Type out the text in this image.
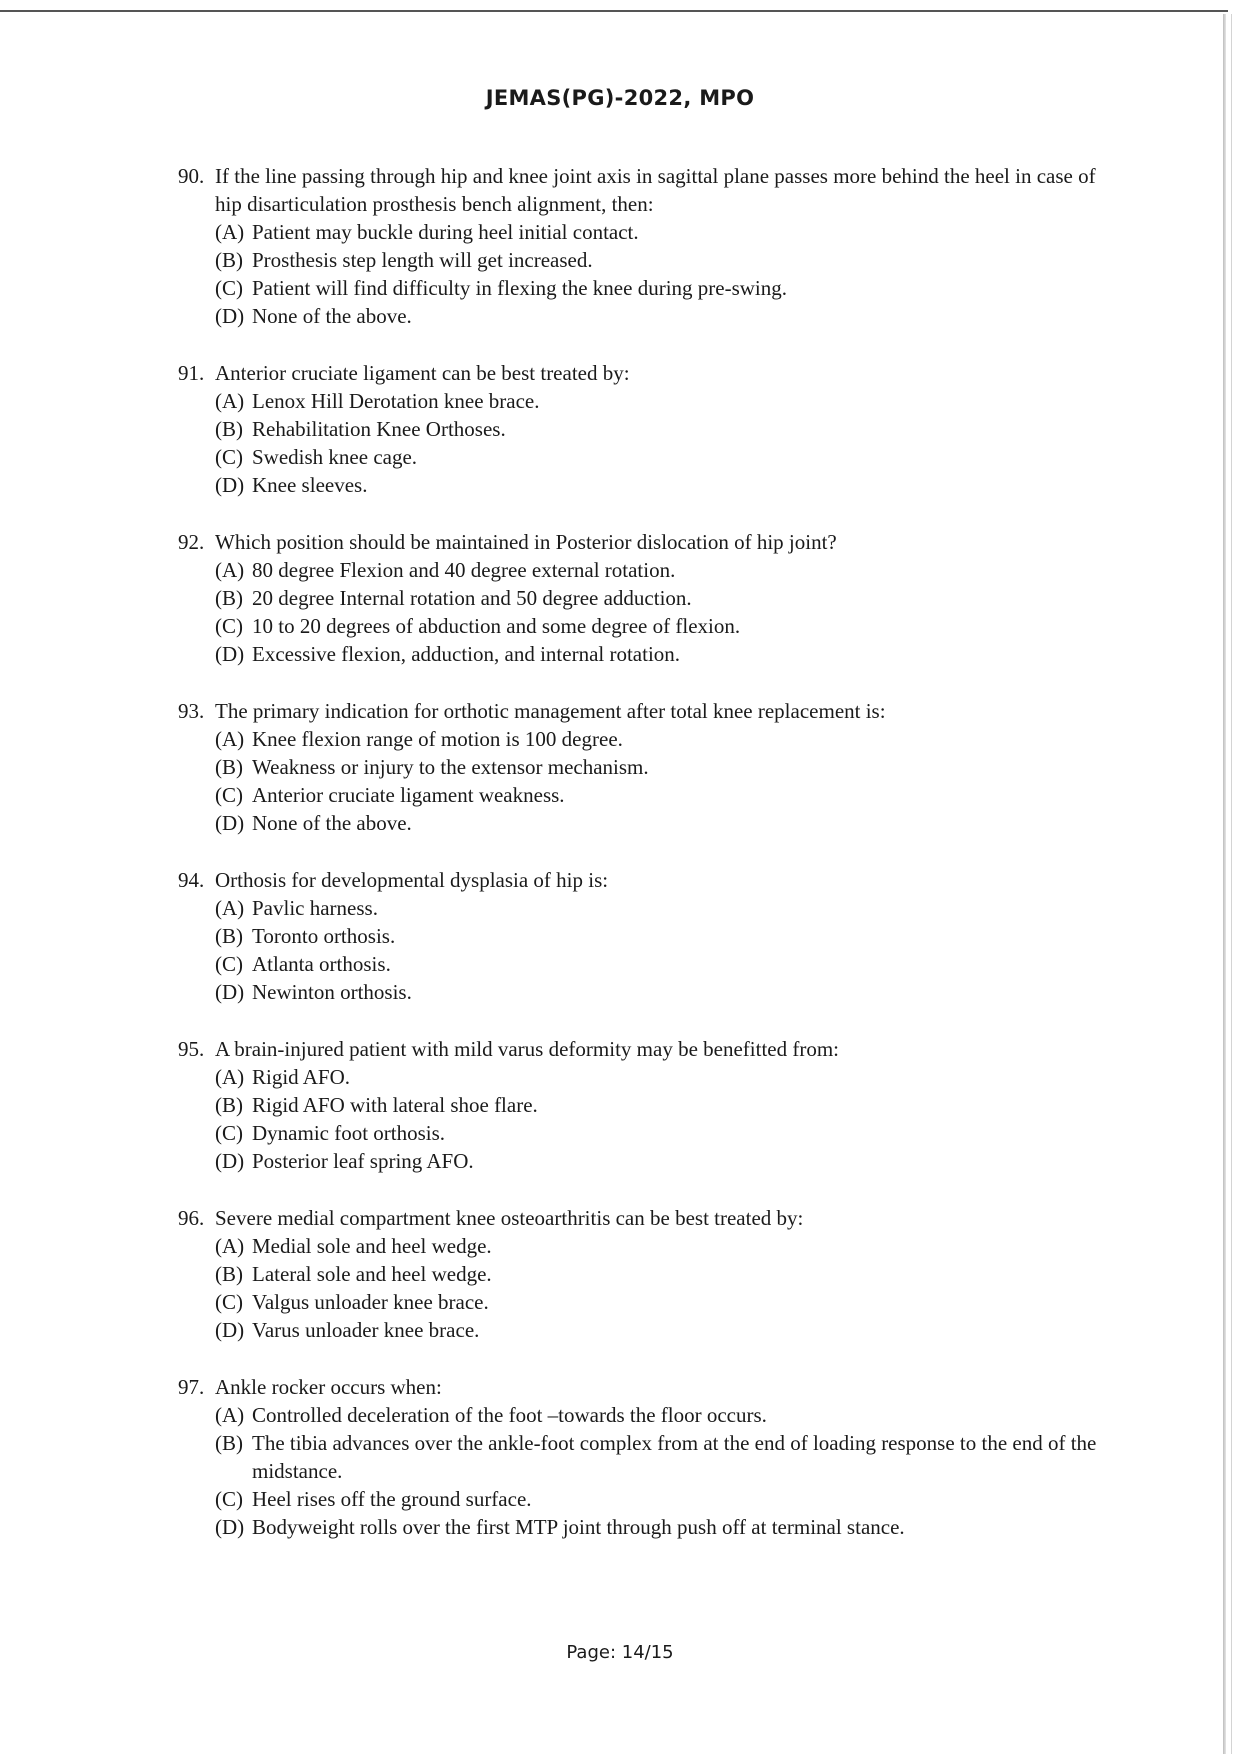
JEMAS(PG)-2022, MPO
90. If the line passing through hip and knee joint axis in sagittal plane passes more behind the heel in case of hip disarticulation prosthesis bench alignment, then:
(A) Patient may buckle during heel initial contact.
(B) Prosthesis step length will get increased.
(C) Patient will find difficulty in flexing the knee during pre-swing.
(D) None of the above.
91. Anterior cruciate ligament can be best treated by:
(A) Lenox Hill Derotation knee brace.
(B) Rehabilitation Knee Orthoses.
(C) Swedish knee cage.
(D) Knee sleeves.
92. Which position should be maintained in Posterior dislocation of hip joint?
(A) 80 degree Flexion and 40 degree external rotation.
(B) 20 degree Internal rotation and 50 degree adduction.
(C) 10 to 20 degrees of abduction and some degree of flexion.
(D) Excessive flexion, adduction, and internal rotation.
93. The primary indication for orthotic management after total knee replacement is:
(A) Knee flexion range of motion is 100 degree.
(B) Weakness or injury to the extensor mechanism.
(C) Anterior cruciate ligament weakness.
(D) None of the above.
94. Orthosis for developmental dysplasia of hip is:
(A) Pavlic harness.
(B) Toronto orthosis.
(C) Atlanta orthosis.
(D) Newinton orthosis.
95. A brain-injured patient with mild varus deformity may be benefitted from:
(A) Rigid AFO.
(B) Rigid AFO with lateral shoe flare.
(C) Dynamic foot orthosis.
(D) Posterior leaf spring AFO.
96. Severe medial compartment knee osteoarthritis can be best treated by:
(A) Medial sole and heel wedge.
(B) Lateral sole and heel wedge.
(C) Valgus unloader knee brace.
(D) Varus unloader knee brace.
97. Ankle rocker occurs when:
(A) Controlled deceleration of the foot –towards the floor occurs.
(B) The tibia advances over the ankle-foot complex from at the end of loading response to the end of the midstance.
(C) Heel rises off the ground surface.
(D) Bodyweight rolls over the first MTP joint through push off at terminal stance.
Page: 14/15
